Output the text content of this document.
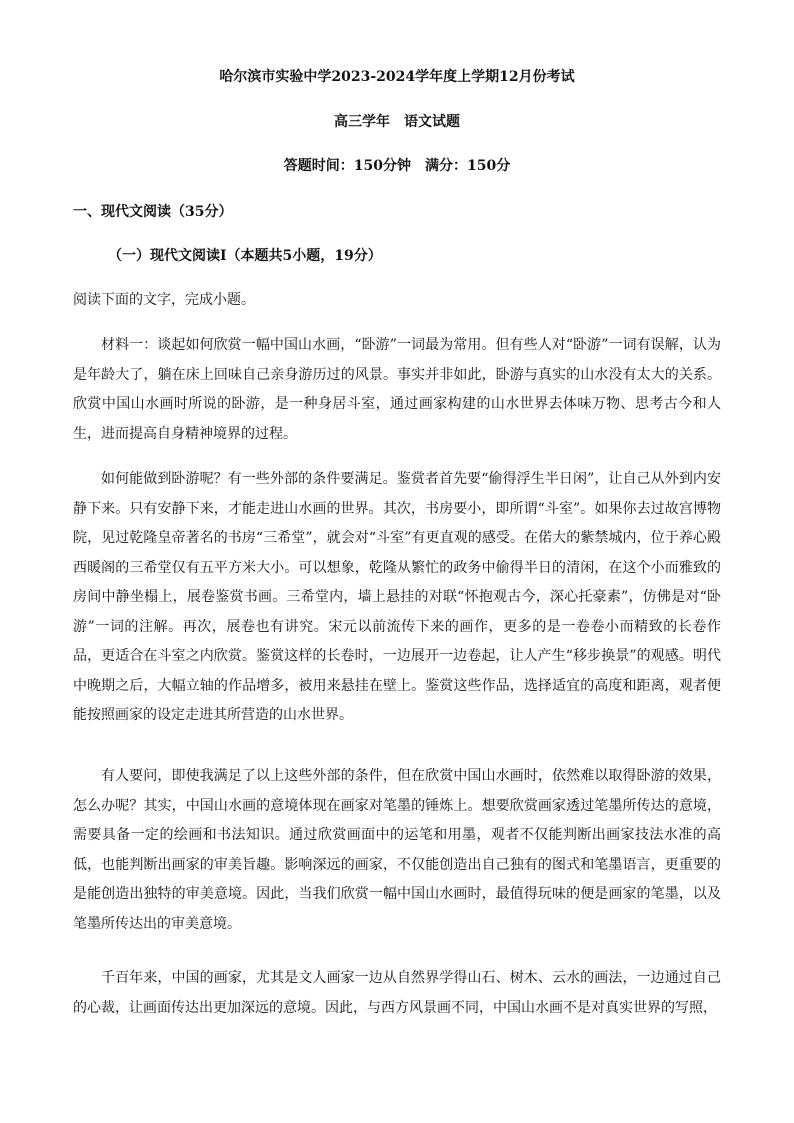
哈尔滨市实验中学2023-2024学年度上学期12月份考试
高三学年 语文试题
答题时间：150分钟 满分：150分
一、现代文阅读（35分）
（一）现代文阅读Ⅰ（本题共5小题，19分）
阅读下面的文字，完成小题。

材料一：谈起如何欣赏一幅中国山水画，“卧游”一词最为常用。但有些人对“卧游”一词有误解，认为是年龄大了，躺在床上回味自己亲身游历过的风景。事实并非如此，卧游与真实的山水没有太大的关系。欣赏中国山水画时所说的卧游，是一种身居斗室，通过画家构建的山水世界去体味万物、思考古今和人生，进而提高自身精神境界的过程。

如何能做到卧游呢？有一些外部的条件要满足。鉴赏者首先要“偷得浮生半日闲”，让自己从外到内安静下来。只有安静下来，才能走进山水画的世界。其次，书房要小，即所谓“斗室”。如果你去过故宫博物院，见过乾隆皇帝著名的书房“三希堂”，就会对“斗室”有更直观的感受。在偌大的紫禁城内，位于养心殿西暖阁的三希堂仅有五平方米大小。可以想象，乾隆从繁忙的政务中偷得半日的清闲，在这个小而雅致的房间中静坐榻上，展卷鉴赏书画。三希堂内，墙上悬挂的对联“怀抱观古今，深心托豪素”，仿佛是对“卧游”一词的注解。再次，展卷也有讲究。宋元以前流传下来的画作，更多的是一卷卷小而精致的长卷作品，更适合在斗室之内欣赏。鉴赏这样的长卷时，一边展开一边卷起，让人产生“移步换景”的观感。明代中晚期之后，大幅立轴的作品增多，被用来悬挂在壁上。鉴赏这些作品，选择适宜的高度和距离，观者便能按照画家的设定走进其所营造的山水世界。

有人要问，即使我满足了以上这些外部的条件，但在欣赏中国山水画时，依然难以取得卧游的效果，怎么办呢？其实，中国山水画的意境体现在画家对笔墨的锤炼上。想要欣赏画家透过笔墨所传达的意境，需要具备一定的绘画和书法知识。通过欣赏画面中的运笔和用墨，观者不仅能判断出画家技法水准的高低，也能判断出画家的审美旨趣。影响深远的画家，不仅能创造出自己独有的图式和笔墨语言，更重要的是能创造出独特的审美意境。因此，当我们欣赏一幅中国山水画时，最值得玩味的便是画家的笔墨，以及笔墨所传达出的审美意境。

千百年来，中国的画家，尤其是文人画家一边从自然界学得山石、树木、云水的画法，一边通过自己的心裁，让画面传达出更加深远的意境。因此，与西方风景画不同，中国山水画不是对真实世界的写照，
